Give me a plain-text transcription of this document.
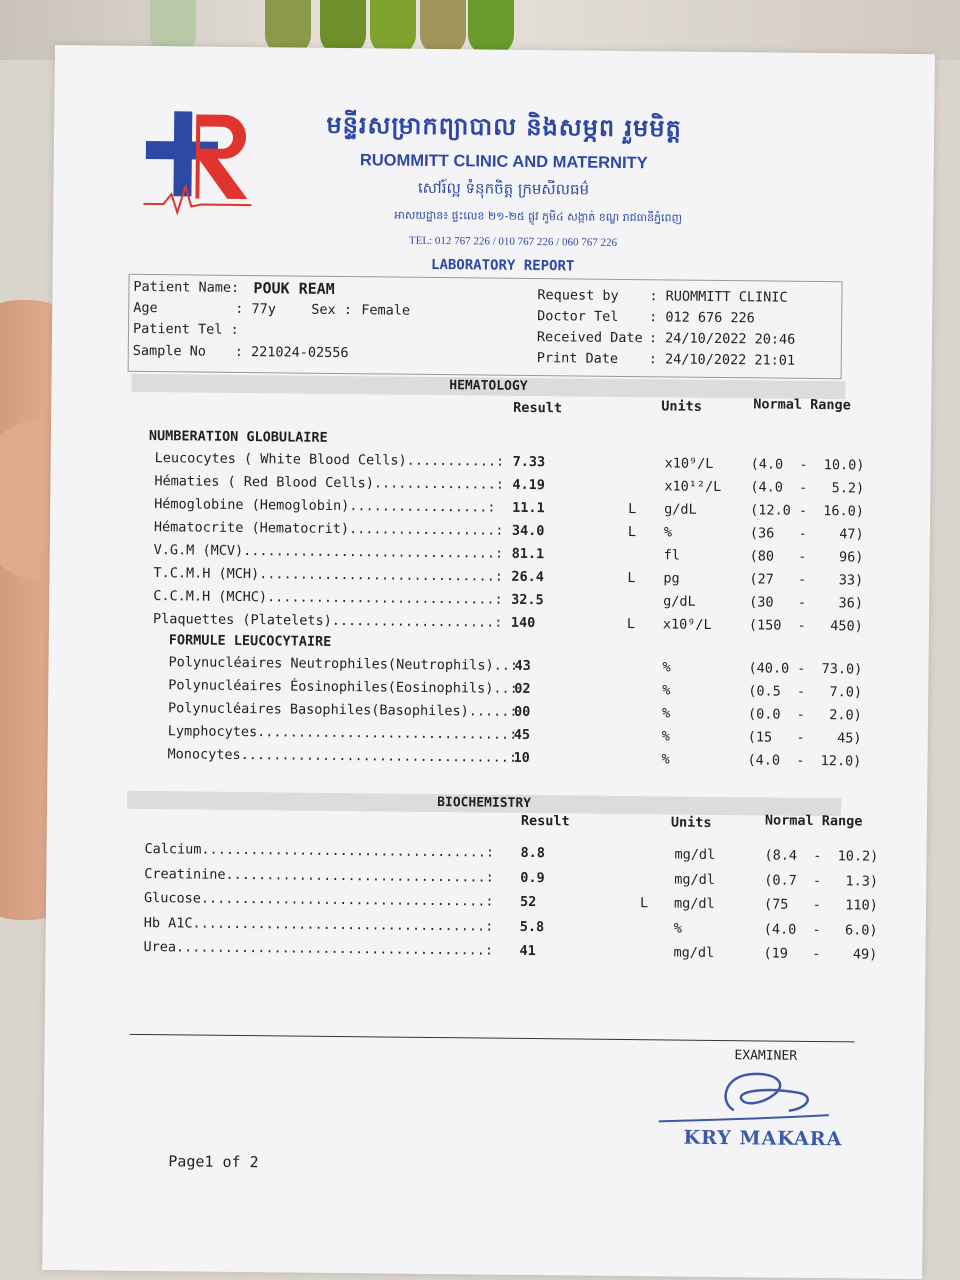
មន្ទីរសម្រាកព្យាបាល និងសម្ភព រួមមិត្ត
RUOMMITT CLINIC AND MATERNITY
សៅរ៍ល្អ ទំនុកចិត្ត ក្រមសីលធម៌
អាសយដ្ឋាន៖ ផ្ទះលេខ ២១-២៥ ផ្លូវ ភូមិ៤ សង្កាត់ ខណ្ឌ រាជធានីភ្នំពេញ
TEL: 012 767 226 / 010 767 226 / 060 767 226
LABORATORY REPORT
Patient Name: POUK REAM
Age	: 77y	Sex : Female
Patient Tel :
Sample No : 221024-02556
Request by : RUOMMITT CLINIC
Doctor Tel : 012 676 226
Received Date : 24/10/2022 20:46
Print Date : 24/10/2022 21:01
HEMATOLOGY
Result	Units	Normal Range
NUMBERATION GLOBULAIRE
Leucocytes ( White Blood Cells)...........: 7.33	x10⁹/L	(4.0  -  10.0)
Hématies ( Red Blood Cells)...............: 4.19	x10¹²/L (4.0  -   5.2)
Hémoglobine (Hemoglobin).................: 11.1	L g/dL	(12.0 -  16.0)
Hématocrite (Hematocrit)..................: 34.0	L %	(36   -    47)
V.G.M (MCV)...............................: 81.1	fl	(80   -    96)
T.C.M.H (MCH).............................: 26.4	L pg	(27   -    33)
C.C.M.H (MCHC)............................: 32.5	g/dL	(30   -    36)
Plaquettes (Platelets)....................: 140	L x10⁹/L	(150  -   450)
FORMULE LEUCOCYTAIRE
Polynucléaires Neutrophiles(Neutrophils)..:
43	%	(40.0 -  73.0)
Polynucléaires Éosinophiles(Eosinophils)..:
02	%	(0.5  -   7.0)
Polynucléaires Basophiles(Basophiles).....:
00	%	(0.0  -   2.0)
Lymphocytes...............................:
45	%	(15   -    45)
Monocytes.................................:
10	%	(4.0  -  12.0)
BIOCHEMISTRY
Result	Units	Normal Range
Calcium...................................: 8.8	mg/dl	(8.4  -  10.2)
Creatinine................................: 0.9	mg/dl	(0.7  -   1.3)
Glucose...................................: 52	L mg/dl	(75   -   110)
Hb A1C....................................: 5.8	%	(4.0  -   6.0)
Urea......................................: 41	mg/dl	(19   -    49)
EXAMINER
KRY MAKARA
Page1 of 2
